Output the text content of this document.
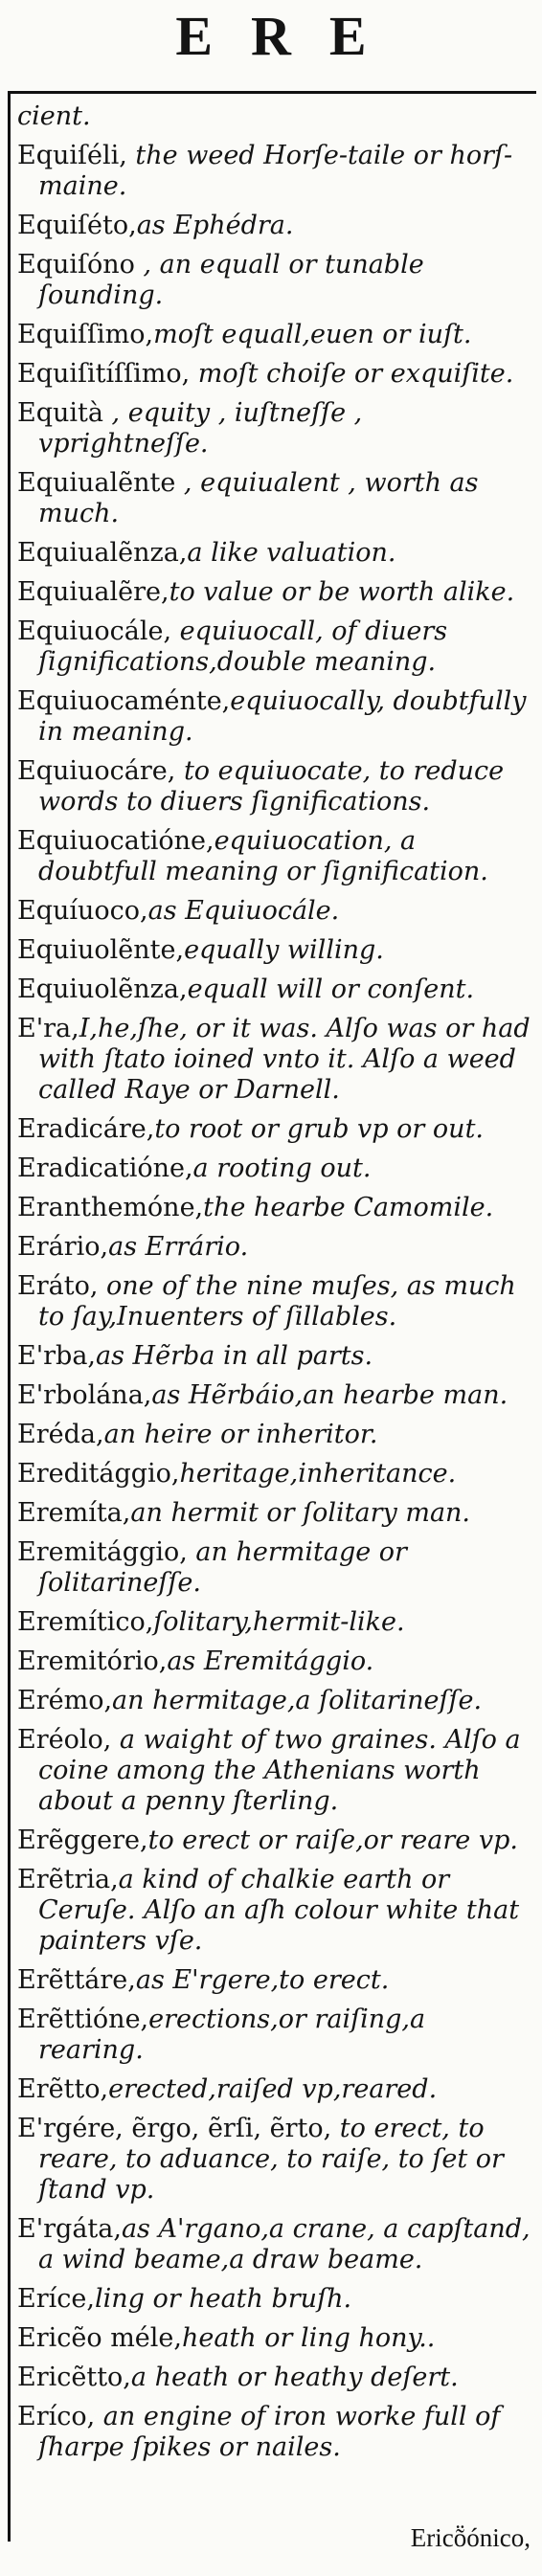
ERE
cient.
Equiſéli, the weed Horſe-taile or horſ-maine.
Equiſéto,as Ephédra.
Equiſóno , an equall or tunable ſounding.
Equiſſimo,moſt equall,euen or iuſt.
Equiſitíſſimo, moſt choiſe or exquiſite.
Equità , equity , iuſtneſſe , vprightneſſe.
Equiualẽnte , equiualent , worth as much.
Equiualẽnza,a like valuation.
Equiualẽre,to value or be worth alike.
Equiuocále, equiuocall, of diuers ſignifications,double meaning.
Equiuocaménte,equiuocally, doubtfully in meaning.
Equiuocáre, to equiuocate, to reduce words to diuers ſignifications.
Equiuocatióne,equiuocation, a doubtfull meaning or ſignification.
Equíuoco,as Equiuocále.
Equiuolẽnte,equally willing.
Equiuolẽnza,equall will or conſent.
E'ra,I,he,ſhe, or it was. Alſo was or had with ſtato ioined vnto it. Alſo a weed called Raye or Darnell.
Eradicáre,to root or grub vp or out.
Eradicatióne,a rooting out.
Eranthemóne,the hearbe Camomile.
Erário,as Errário.
Eráto, one of the nine muſes, as much to ſay,Inuenters of ſillables.
E'rba,as Hẽrba in all parts.
E'rbolána,as Hẽrbáio,an hearbe man.
Eréda,an heire or inheritor.
Ereditággio,heritage,inheritance.
Eremíta,an hermit or ſolitary man.
Eremitággio, an hermitage or ſolitarineſſe.
Eremítico,ſolitary,hermit-like.
Eremitório,as Eremitággio.
Erémo,an hermitage,a ſolitarineſſe.
Eréolo, a waight of two graines. Alſo a coine among the Athenians worth about a penny ſterling.
Erẽggere,to erect or raiſe,or reare vp.
Erẽtria,a kind of chalkie earth or Ceruſe. Alſo an aſh colour white that painters vſe.
Erẽttáre,as E'rgere,to erect.
Erẽttióne,erections,or raiſing,a rearing.
Erẽtto,erected,raiſed vp,reared.
E'rgére, ẽrgo, ẽrſi, ẽrto, to erect, to reare, to aduance, to raiſe, to ſet or ſtand vp.
E'rgáta,as A'rgano,a crane, a capſtand, a wind beame,a draw beame.
Eríce,ling or heath bruſh.
Ericẽo méle,heath or ling hony..
Ericẽtto,a heath or heathy deſert.
Eríco, an engine of iron worke full of ſharpe ſpikes or nailes.
Ericṏónico,
